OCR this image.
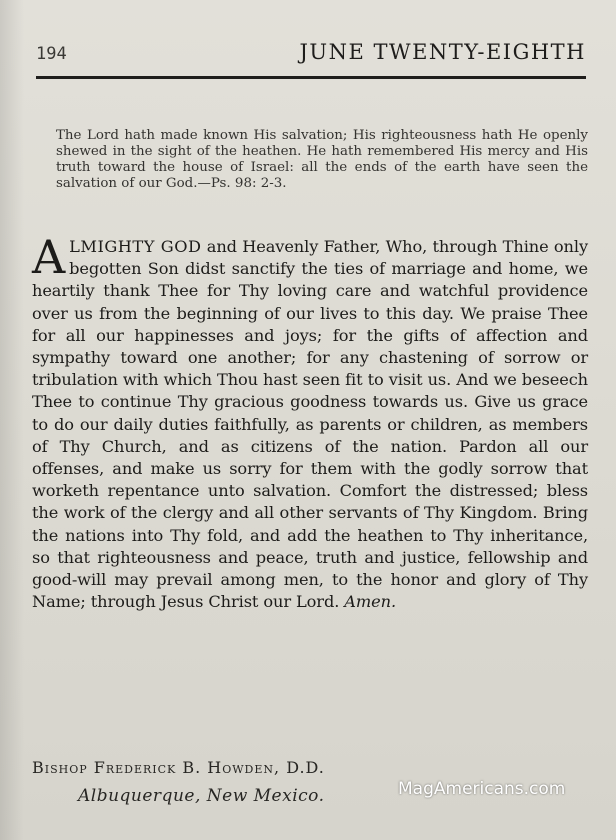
194	JUNE TWENTY-EIGHTH
The Lord hath made known His salvation; His righteousness hath He openly shewed in the sight of the heathen. He hath remembered His mercy and His truth toward the house of Israel: all the ends of the earth have seen the salvation of our God.—Ps. 98: 2-3.
ALMIGHTY GOD and Heavenly Father, Who, through Thine only begotten Son didst sanctify the ties of marriage and home, we heartily thank Thee for Thy loving care and watchful providence over us from the beginning of our lives to this day. We praise Thee for all our happinesses and joys; for the gifts of affection and sympathy toward one another; for any chastening of sorrow or tribulation with which Thou hast seen fit to visit us. And we beseech Thee to continue Thy gracious goodness towards us. Give us grace to do our daily duties faithfully, as parents or children, as members of Thy Church, and as citizens of the nation. Pardon all our offenses, and make us sorry for them with the godly sorrow that worketh repentance unto salvation. Comfort the distressed; bless the work of the clergy and all other servants of Thy Kingdom. Bring the nations into Thy fold, and add the heathen to Thy inheritance, so that righteousness and peace, truth and justice, fellowship and good-will may prevail among men, to the honor and glory of Thy Name; through Jesus Christ our Lord. Amen.
Bishop Frederick B. Howden, D.D.
Albuquerque, New Mexico.	MagAmericans.com
